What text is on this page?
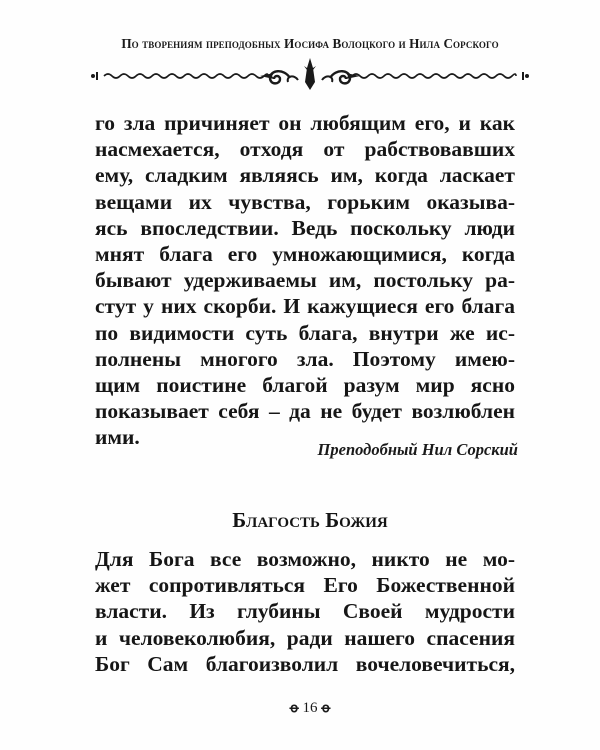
По творениям преподобных Иосифа Волоцкого и Нила Сорского
го зла причиняет он любящим его, и как
насмехается, отходя от рабствовавших
ему, сладким являясь им, когда ласкает
вещами их чувства, горьким оказыва-
ясь впоследствии. Ведь поскольку люди
мнят блага его умножающимися, когда
бывают удерживаемы им, постольку ра-
стут у них скорби. И кажущиеся его блага
по видимости суть блага, внутри же ис-
полнены многого зла. Поэтому имею-
щим поистине благой разум мир ясно
показывает себя – да не будет возлюблен
ими.
Преподобный Нил Сорский
Благость Божия
Для Бога все возможно, никто не мо-
жет сопротивляться Его Божественной
власти. Из глубины Своей мудрости
и человеколюбия, ради нашего спасения
Бог Сам благоизволил вочеловечиться,
ꝋ 16 ꝋ
